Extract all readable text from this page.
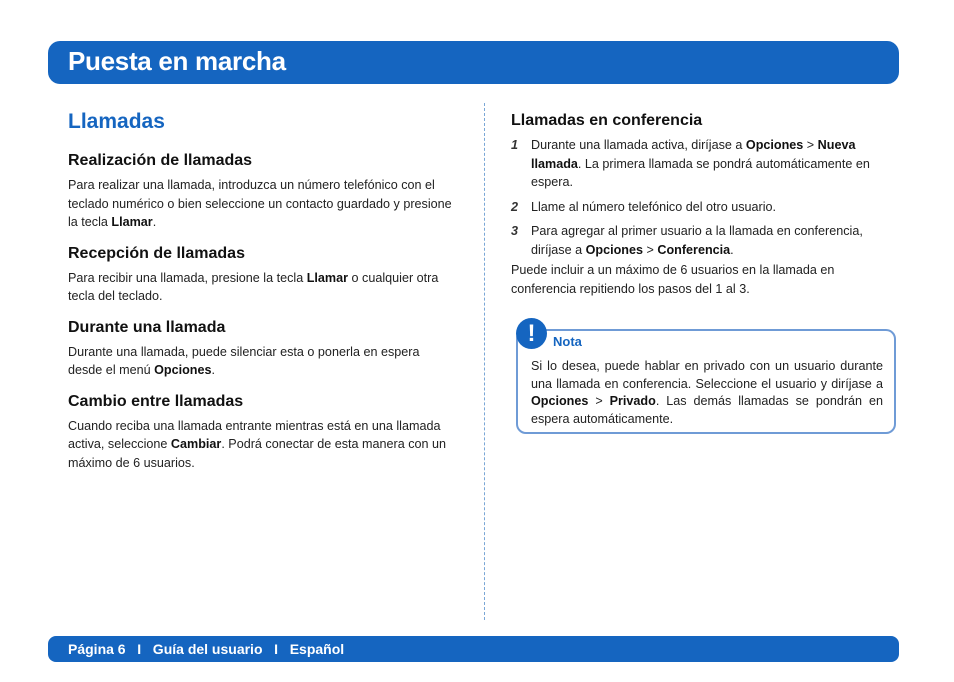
Puesta en marcha
Llamadas
Realización de llamadas

Para realizar una llamada, introduzca un número telefónico con el teclado numérico o bien seleccione un contacto guardado y presione la tecla Llamar.

Recepción de llamadas

Para recibir una llamada, presione la tecla Llamar o cualquier otra tecla del teclado.

Durante una llamada

Durante una llamada, puede silenciar esta o ponerla en espera desde el menú Opciones.

Cambio entre llamadas

Cuando reciba una llamada entrante mientras está en una llamada activa, seleccione Cambiar. Podrá conectar de esta manera con un máximo de 6 usuarios.

Llamadas en conferencia
1 Durante una llamada activa, diríjase a Opciones > Nueva llamada. La primera llamada se pondrá automáticamente en espera.
2 Llame al número telefónico del otro usuario.
3 Para agregar al primer usuario a la llamada en conferencia, diríjase a Opciones > Conferencia.

Puede incluir a un máximo de 6 usuarios en la llamada en conferencia repitiendo los pasos del 1 al 3.

!	Nota
Si lo desea, puede hablar en privado con un usuario durante una llamada en conferencia. Seleccione el usuario y diríjase a Opciones > Privado. Las demás llamadas se pondrán en espera automáticamente.
Página 6   I   Guía del usuario   I   Español
